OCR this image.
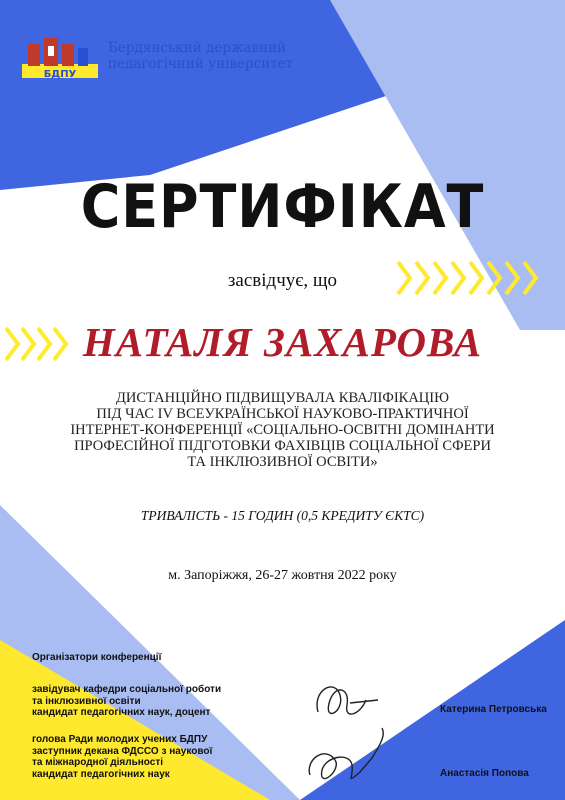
БДПУ
Бердянський державний
педагогічний університет
СЕРТИФІКАТ
засвідчує, що
НАТАЛЯ ЗАХАРОВА
ДИСТАНЦІЙНО ПІДВИЩУВАЛА КВАЛІФІКАЦІЮ
ПІД ЧАС IV ВСЕУКРАЇНСЬКОЇ НАУКОВО-ПРАКТИЧНОЇ
ІНТЕРНЕТ-КОНФЕРЕНЦІЇ «СОЦІАЛЬНО-ОСВІТНІ ДОМІНАНТИ
ПРОФЕСІЙНОЇ ПІДГОТОВКИ ФАХІВЦІВ СОЦІАЛЬНОЇ СФЕРИ
ТА ІНКЛЮЗИВНОЇ ОСВІТИ»
ТРИВАЛІСТЬ - 15 ГОДИН (0,5 КРЕДИТУ ЄКТС)
м. Запоріжжя, 26-27 жовтня 2022 року
Організатори конференції
завідувач кафедри соціальної роботи
та інклюзивної освіти
кандидат педагогічних наук, доцент	Катерина Петровська
голова Ради молодих учених БДПУ
заступник декана ФДССО з наукової
та міжнародної діяльності
кандидат педагогічних наук	Анастасія Попова
